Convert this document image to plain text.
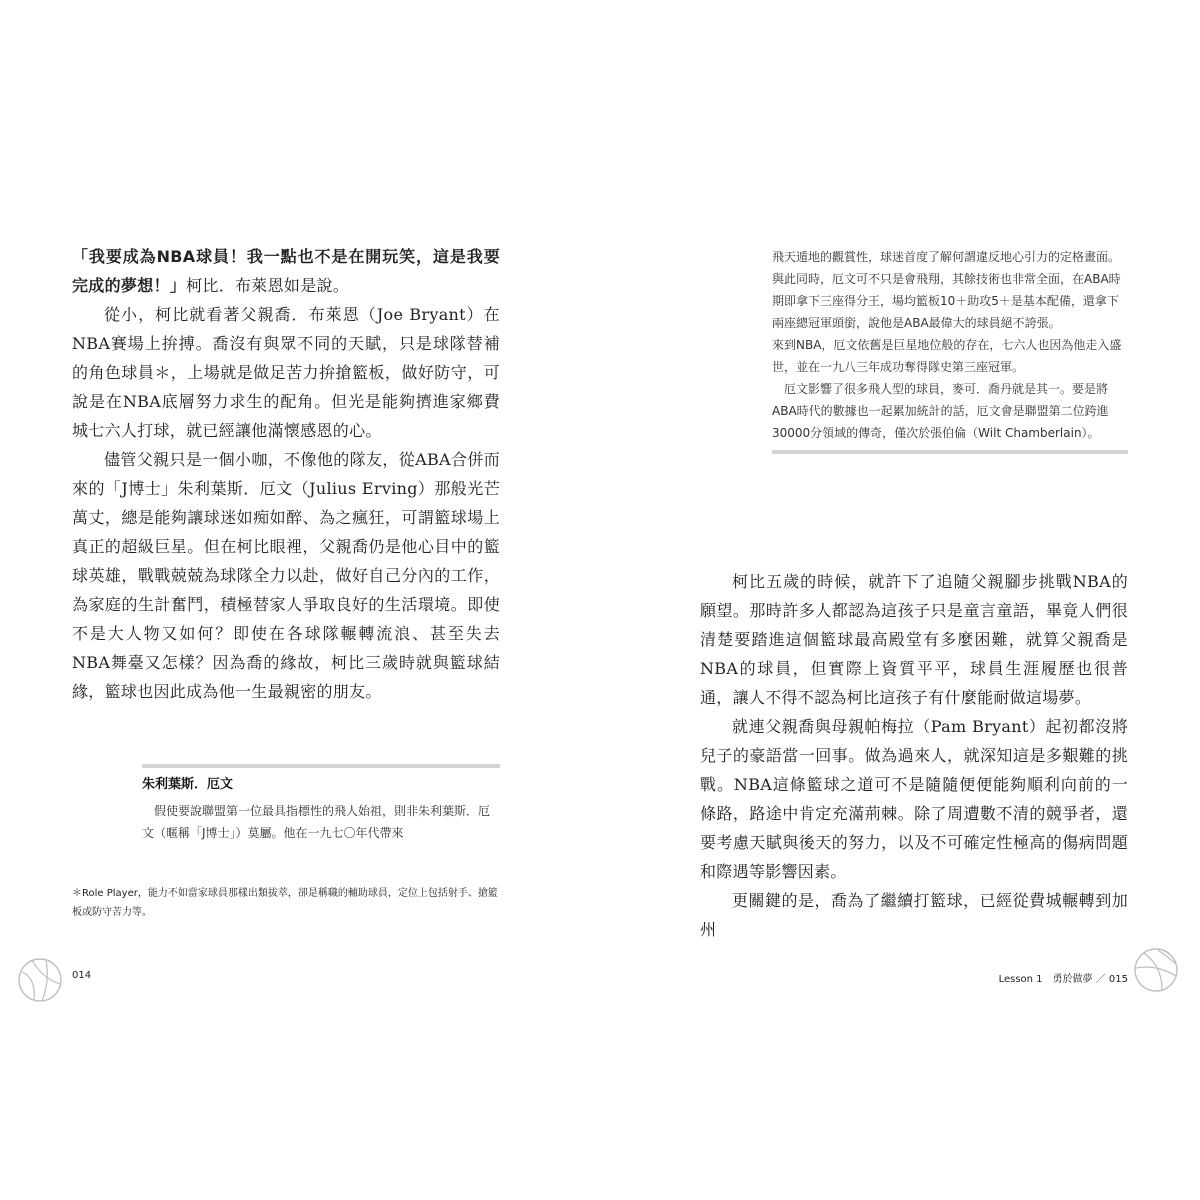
「我要成為NBA球員！我一點也不是在開玩笑，這是我要完成的夢想！」柯比．布萊恩如是說。

從小，柯比就看著父親喬．布萊恩（Joe Bryant）在NBA賽場上拚搏。喬沒有與眾不同的天賦，只是球隊替補的角色球員＊，上場就是做足苦力拚搶籃板，做好防守，可說是在NBA底層努力求生的配角。但光是能夠擠進家鄉費城七六人打球，就已經讓他滿懷感恩的心。

儘管父親只是一個小咖，不像他的隊友，從ABA合併而來的「J博士」朱利葉斯．厄文（Julius Erving）那般光芒萬丈，總是能夠讓球迷如痴如醉、為之瘋狂，可謂籃球場上真正的超級巨星。但在柯比眼裡，父親喬仍是他心目中的籃球英雄，戰戰兢兢為球隊全力以赴，做好自己分內的工作，為家庭的生計奮鬥，積極替家人爭取良好的生活環境。即使不是大人物又如何？即使在各球隊輾轉流浪、甚至失去NBA舞臺又怎樣？因為喬的緣故，柯比三歲時就與籃球結緣，籃球也因此成為他一生最親密的朋友。

朱利葉斯．厄文

假使要說聯盟第一位最具指標性的飛人始祖，則非朱利葉斯．厄文（暱稱「J博士」）莫屬。他在一九七〇年代帶來

＊Role Player，能力不如當家球員那樣出類拔萃，卻是稱職的輔助球員，定位上包括射手、搶籃板或防守苦力等。
014

飛天遁地的觀賞性，球迷首度了解何謂違反地心引力的定格畫面。與此同時，厄文可不只是會飛翔，其餘技術也非常全面，在ABA時期即拿下三座得分王，場均籃板10＋助攻5＋是基本配備，還拿下兩座總冠軍頭銜，說他是ABA最偉大的球員絕不誇張。

來到NBA，厄文依舊是巨星地位般的存在，七六人也因為他走入盛世，並在一九八三年成功奪得隊史第三座冠軍。

厄文影響了很多飛人型的球員，麥可．喬丹就是其一。要是將ABA時代的數據也一起累加統計的話，厄文會是聯盟第二位跨進30000分領域的傳奇，僅次於張伯倫（Wilt Chamberlain）。

柯比五歲的時候，就許下了追隨父親腳步挑戰NBA的願望。那時許多人都認為這孩子只是童言童語，畢竟人們很清楚要踏進這個籃球最高殿堂有多麼困難，就算父親喬是NBA的球員，但實際上資質平平，球員生涯履歷也很普通，讓人不得不認為柯比這孩子有什麼能耐做這場夢。

就連父親喬與母親帕梅拉（Pam Bryant）起初都沒將兒子的豪語當一回事。做為過來人，就深知這是多艱難的挑戰。NBA這條籃球之道可不是隨隨便便能夠順利向前的一條路，路途中肯定充滿荊棘。除了周遭數不清的競爭者，還要考慮天賦與後天的努力，以及不可確定性極高的傷病問題和際遇等影響因素。

更關鍵的是，喬為了繼續打籃球，已經從費城輾轉到加州

Lesson 1　勇於做夢 ／ 015
